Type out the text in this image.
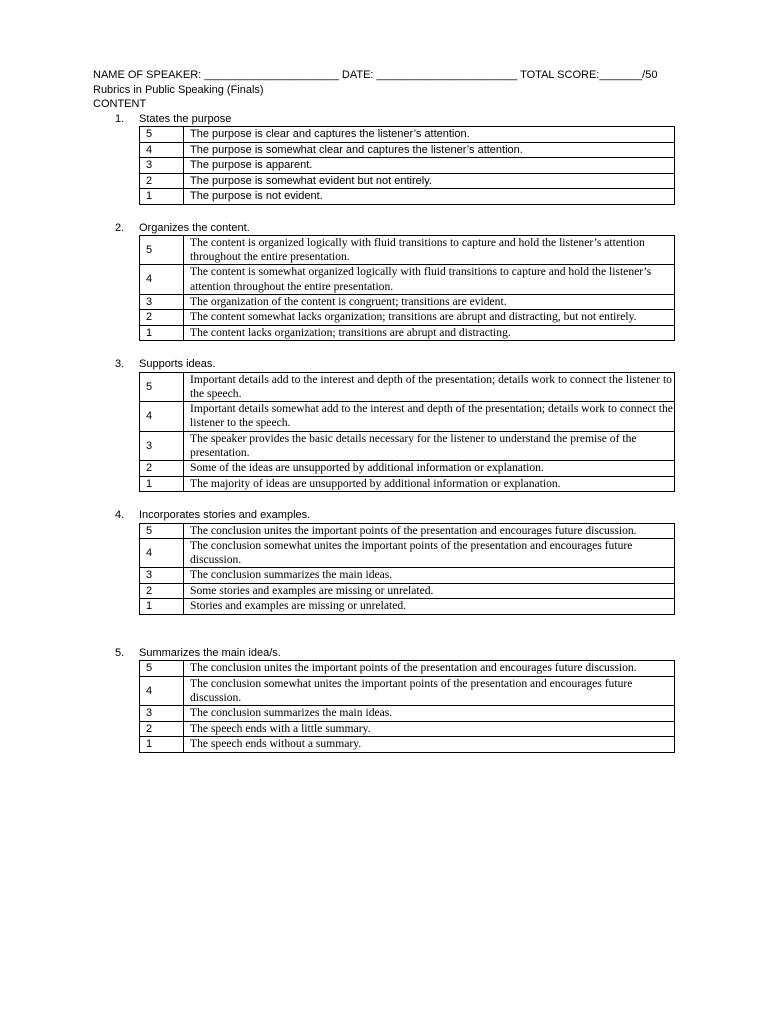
NAME OF SPEAKER: ______________________ DATE: _______________________ TOTAL SCORE:_______/50
Rubrics in Public Speaking (Finals)
CONTENT
1.	States the purpose
5	The purpose is clear and captures the listener’s attention.
4	The purpose is somewhat clear and captures the listener’s attention.
3	The purpose is apparent.
2	The purpose is somewhat evident but not entirely.
1	The purpose is not evident.
2.	Organizes the content.
5	The content is organized logically with fluid transitions to capture and hold the listener’s attention throughout the entire presentation.
4	The content is somewhat organized logically with fluid transitions to capture and hold the listener’s attention throughout the entire presentation.
3	The organization of the content is congruent; transitions are evident.
2	The content somewhat lacks organization; transitions are abrupt and distracting, but not entirely.
1	The content lacks organization; transitions are abrupt and distracting.
3.	Supports ideas.
5	Important details add to the interest and depth of the presentation; details work to connect the listener to the speech.
4	Important details somewhat add to the interest and depth of the presentation; details work to connect the listener to the speech.
3	The speaker provides the basic details necessary for the listener to understand the premise of the presentation.
2	Some of the ideas are unsupported by additional information or explanation.
1	The majority of ideas are unsupported by additional information or explanation.
4.	Incorporates stories and examples.
5	The conclusion unites the important points of the presentation and encourages future discussion.
4	The conclusion somewhat unites the important points of the presentation and encourages future discussion.
3	The conclusion summarizes the main ideas.
2	Some stories and examples are missing or unrelated.
1	Stories and examples are missing or unrelated.
5.	Summarizes the main idea/s.
5	The conclusion unites the important points of the presentation and encourages future discussion.
4	The conclusion somewhat unites the important points of the presentation and encourages future discussion.
3	The conclusion summarizes the main ideas.
2	The speech ends with a little summary.
1	The speech ends without a summary.
